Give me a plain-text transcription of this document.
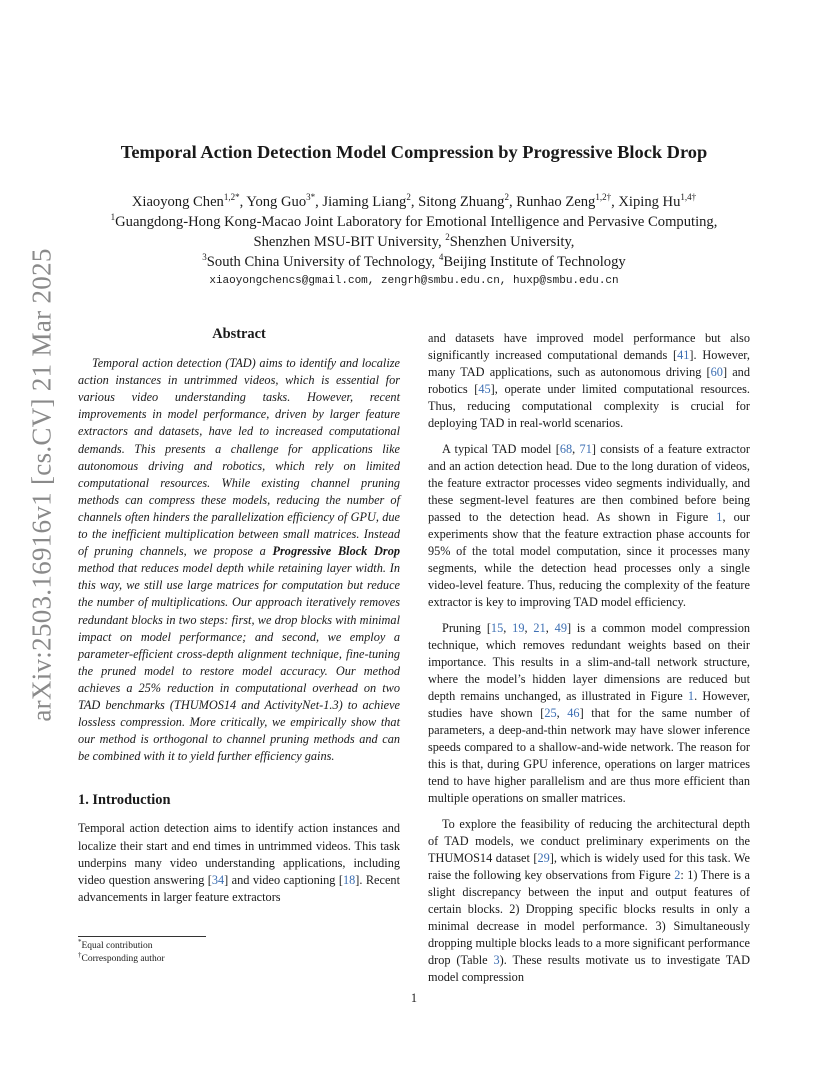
arXiv:2503.16916v1 [cs.CV] 21 Mar 2025
Temporal Action Detection Model Compression by Progressive Block Drop
Xiaoyong Chen$^{1,2*}$, Yong Guo$^{3*}$, Jiaming Liang$^2$, Sitong Zhuang$^2$, Runhao Zeng$^{1,2\dagger}$, Xiping $Hu^{1,4\dagger}$
$^1$Guangdong-Hong Kong-Macao Joint Laboratory for Emotional Intelligence and Pervasive Computing,
Shenzhen MSU-BIT University, $^2$Shenzhen University,
$^3$South China University of Technology, $^4$Beijing Institute of Technology
xiaoyongchencs@gmail.com, zengrh@smbu.edu.cn, huxp@smbu.edu.cn
Abstract

Temporal action detection (TAD) aims to identify and localize action instances in untrimmed videos, which is essential for various video understanding tasks. However, recent improvements in model performance, driven by larger feature extractors and datasets, have led to increased computational demands. This presents a challenge for applications like autonomous driving and robotics, which rely on limited computational resources. While existing channel pruning methods can compress these models, reducing the number of channels often hinders the parallelization efficiency of GPU, due to the inefficient multiplication between small matrices. Instead of pruning channels, we propose a Progressive Block Drop method that reduces model depth while retaining layer width. In this way, we still use large matrices for computation but reduce the number of multiplications. Our approach iteratively removes redundant blocks in two steps: first, we drop blocks with minimal impact on model performance; and second, we employ a parameter-efficient cross-depth alignment technique, fine-tuning the pruned model to restore model accuracy. Our method achieves a 25% reduction in computational overhead on two TAD benchmarks (THUMOS14 and ActivityNet-1.3) to achieve lossless compression. More critically, we empirically show that our method is orthogonal to channel pruning methods and can be combined with it to yield further efficiency gains.

1. Introduction

Temporal action detection aims to identify action instances and localize their start and end times in untrimmed videos. This task underpins many video understanding applications, including video question answering [34] and video captioning [18]. Recent advancements in larger feature extractors

*Equal contribution
†Corresponding author

and datasets have improved model performance but also significantly increased computational demands [41]. However, many TAD applications, such as autonomous driving [60] and robotics [45], operate under limited computational resources. Thus, reducing computational complexity is crucial for deploying TAD in real-world scenarios.

A typical TAD model [68, 71] consists of a feature extractor and an action detection head. Due to the long duration of videos, the feature extractor processes video segments individually, and these segment-level features are then combined before being passed to the detection head. As shown in Figure 1, our experiments show that the feature extraction phase accounts for 95% of the total model computation, since it processes many segments, while the detection head processes only a single video-level feature. Thus, reducing the complexity of the feature extractor is key to improving TAD model efficiency.

Pruning [15, 19, 21, 49] is a common model compression technique, which removes redundant weights based on their importance. This results in a slim-and-tall network structure, where the model’s hidden layer dimensions are reduced but depth remains unchanged, as illustrated in Figure 1. However, studies have shown [25, 46] that for the same number of parameters, a deep-and-thin network may have slower inference speeds compared to a shallow-and-wide network. The reason for this is that, during GPU inference, operations on larger matrices tend to have higher parallelism and are thus more efficient than multiple operations on smaller matrices.

To explore the feasibility of reducing the architectural depth of TAD models, we conduct preliminary experiments on the THUMOS14 dataset [29], which is widely used for this task. We raise the following key observations from Figure 2: 1) There is a slight discrepancy between the input and output features of certain blocks. 2) Dropping specific blocks results in only a minimal decrease in model performance. 3) Simultaneously dropping multiple blocks leads to a more significant performance drop (Table 3). These results motivate us to investigate TAD model compression

1
